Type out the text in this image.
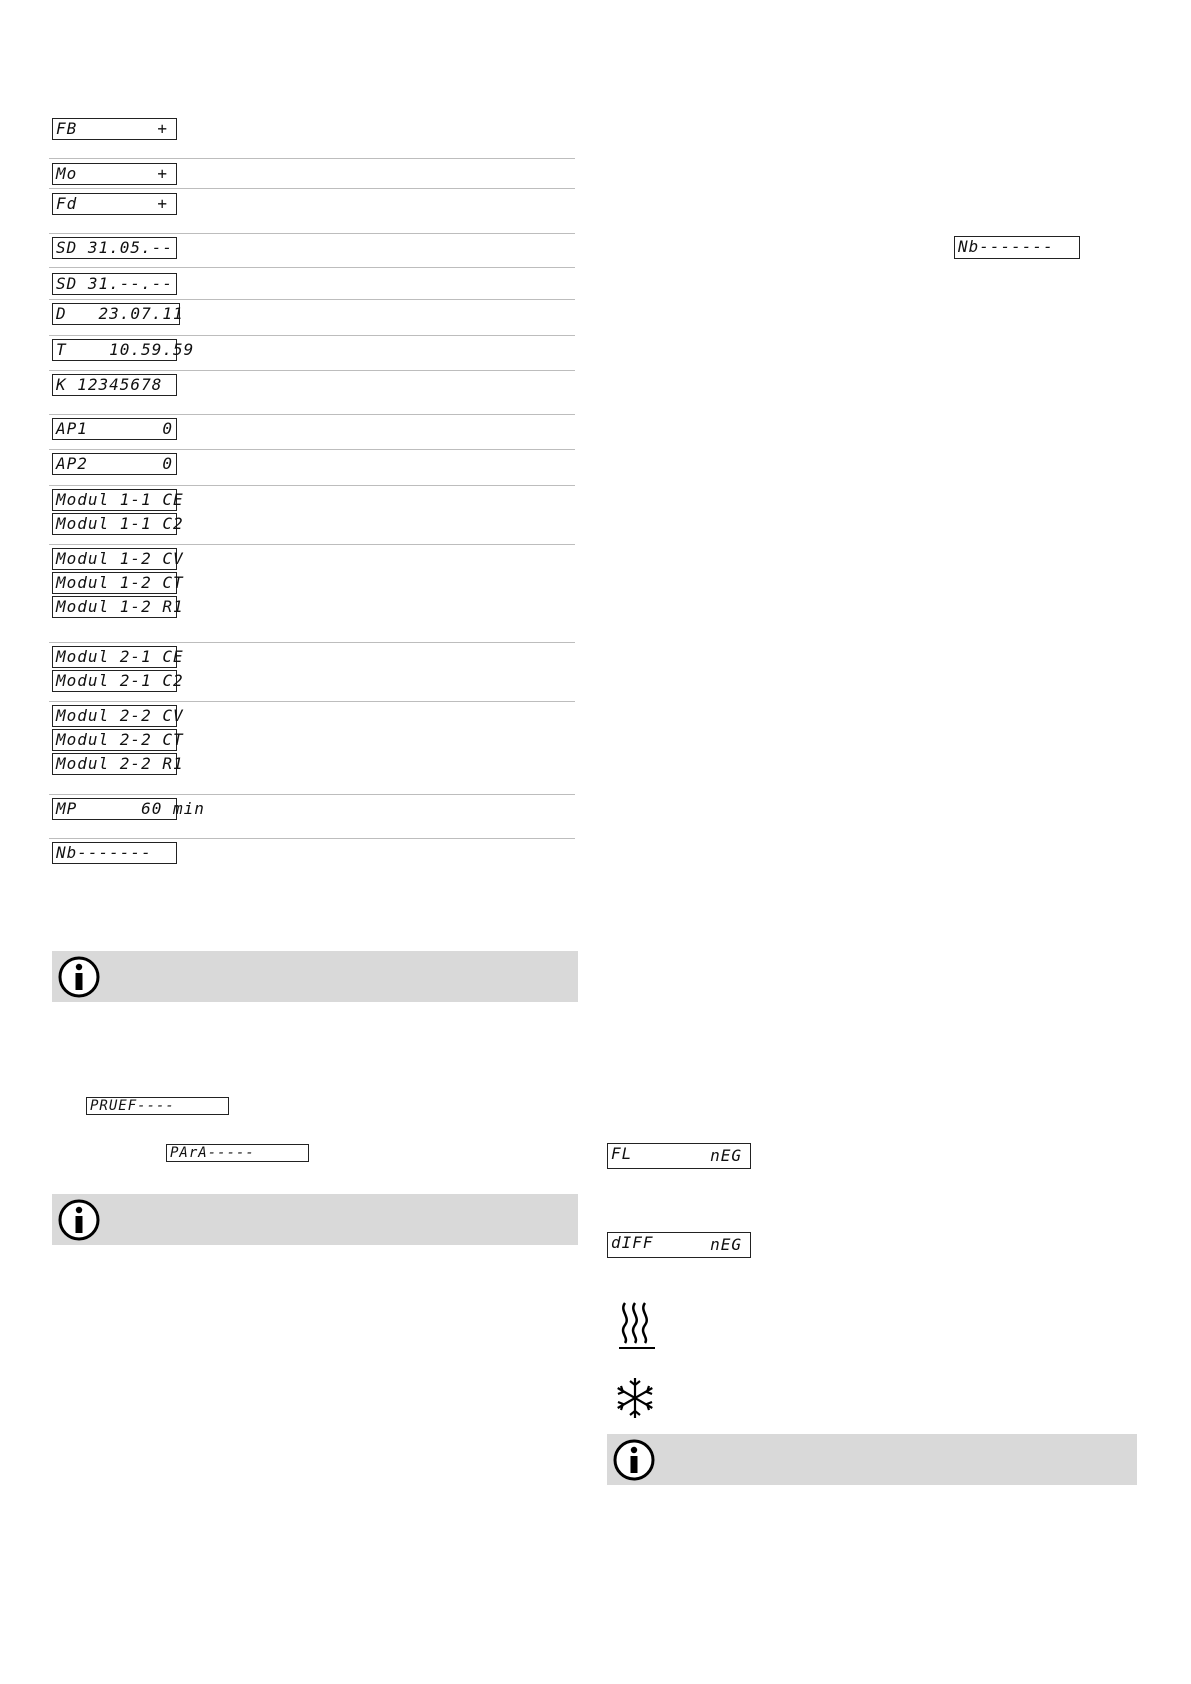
FB	+
Mo	+
Fd	+
SD 31.05.--
SD 31.--.--
D   23.07.11
T    10.59.59
K 12345678
AP1       0
AP2       0
Modul 1-1 CE
Modul 1-1 C2
Modul 1-2 CV
Modul 1-2 CT
Modul 1-2 R1
Modul 2-1 CE
Modul 2-1 C2
Modul 2-2 CV
Modul 2-2 CT
Modul 2-2 R1
MP      60 min
Nb-------
PRUEF----
PArA-----
Nb-------
FL	nEG
dIFF	nEG
